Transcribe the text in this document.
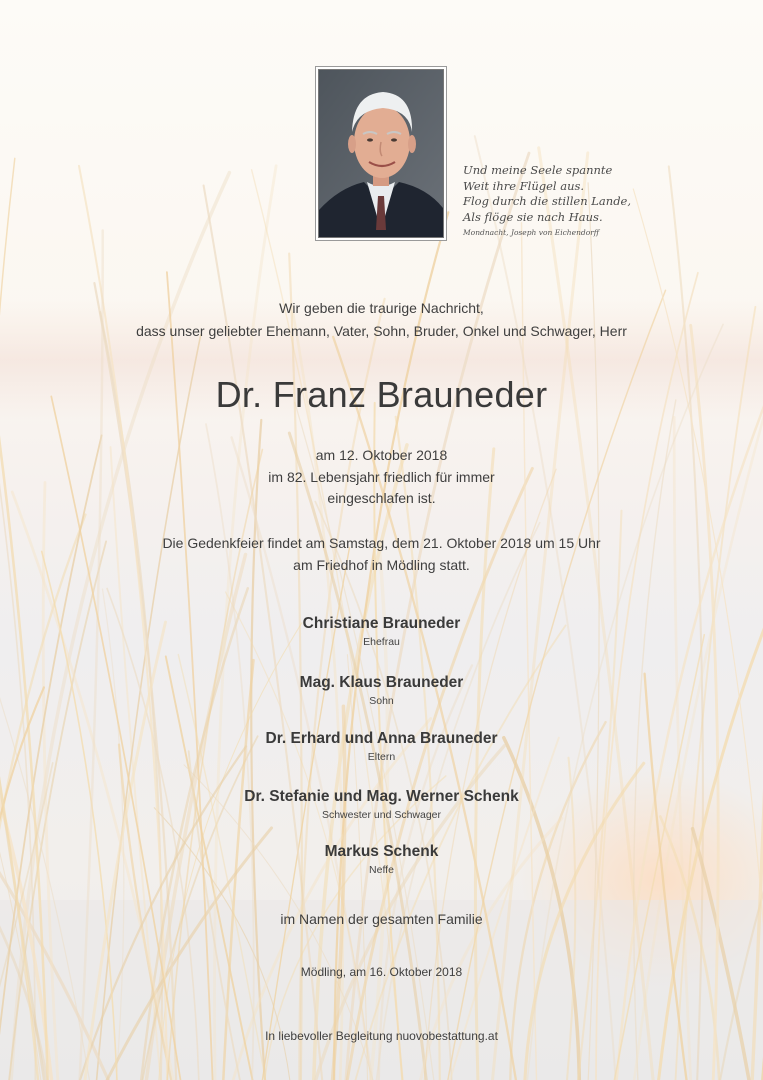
Und meine Seele spannte
Weit ihre Flügel aus.
Flog durch die stillen Lande,
Als flöge sie nach Haus.
Mondnacht, Joseph von Eichendorff
Wir geben die traurige Nachricht,
dass unser geliebter Ehemann, Vater, Sohn, Bruder, Onkel und Schwager, Herr
Dr. Franz Brauneder
am 12. Oktober 2018
im 82. Lebensjahr friedlich für immer
eingeschlafen ist.
Die Gedenkfeier findet am Samstag, dem 21. Oktober 2018 um 15 Uhr
am Friedhof in Mödling statt.
Christiane Brauneder
Ehefrau
Mag. Klaus Brauneder
Sohn
Dr. Erhard und Anna Brauneder
Eltern
Dr. Stefanie und Mag. Werner Schenk
Schwester und Schwager
Markus Schenk
Neffe
im Namen der gesamten Familie
Mödling, am 16. Oktober 2018
In liebevoller Begleitung nuovobestattung.at
